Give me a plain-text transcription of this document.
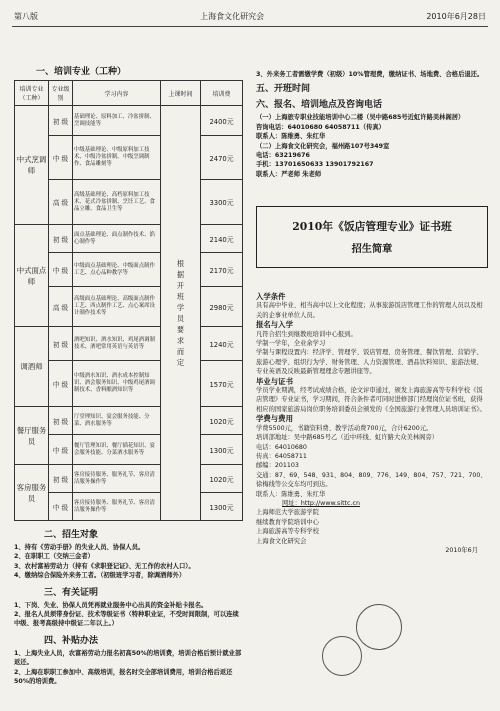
第八版	上海食文化研究会	2010年6月28日
一、培训专业（工种）
培训专业（工种）	专业级别	学习内容	上课时间	培训费
中式烹调师	初 级	基础理论、原料加工、冷盆拼制、烹调技能等	根据开班学员要求而定	2400元
	中 级	中级基础理论、中级原料加工技术、中级冷盆拼制、中级烹调制作、食品雕刻等		2470元
	高 级	高级基础理论、高档原料加工技术、花式冷盆拼制、烹饪工艺、食品立雕、食品卫生等		3300元
中式面点师	初 级	面点基础理论、面点制作技术、馅心制作等		2140元
	中 级	中级面点基础理论、中级面点制作工艺、点心品种教学等		2170元
	高 级	高级面点基础理论、高级面点制作工艺、西点制作工艺、点心案席设计制作技术等		2980元
调酒师	初 级	酒吧知识、酒水知识、鸡尾酒调制技术、酒吧常用英语与英语等		1240元
	中 级	中级酒水知识、酒水成本控制知识、酒会服务知识、中级鸡尾酒调制技术、香料酿酒知识等		1570元
餐厅服务员	初 级	厅堂理知识、宴会服务技能、分菜、酒水服务等		1020元
	中 级	餐厅管理知识、餐厅插花知识、宴会服务技能、分菜酒水服务等		1300元
客房服务员	初 级	客房接待服务、服务礼节、客房清洁服务操作等		1020元
	中 级	客房接待服务、服务礼节、客房清洁服务操作等		1300元
二、招生对象

1、持有《劳动手册》的失业人员、协保人员。

2、在职职工（交纳三金者）

3、农村富裕劳动力（持有《求职登记证》、无工作的农村人口）。

4、缴纳综合保险外来务工者。（初级班学习者，除调酒师外）

三、有关证明

1、下岗、失业、协保人员凭再就业服务中心出具的资金补贴卡报名。

2、报名人员须带身份证、技术等级证书（特种职业证，不受时间限制，可以连续中级、报考高级持中级证二年以上。）

四、补贴办法

1、上海失业人员，农富裕劳动力报名初高50%的培训费，培训合格后预计就业部返还。

2、上海在职职工参加中、高级培训，报名时交全部培训费用，培训合格后返还50%的培训费。

3、外来务工者需缴学费（初级）10%管理费，缴纳证书、场地费、合格后退还。

五、开班时间
六、报名、培训地点及咨询电话

（一）上海旅专职业技能培训中心二楼（吴中路685号近虹许路美林阁居）

咨询电话：64010680 64058711（传真）

联系人：陈维勇、朱红华

（二）上海食文化研究会，福州路107号349室

电话：63219676

手机：13701650633 13901792167

联系人：严老师 朱老师

2010年《饭店管理专业》证书班
招生简章
入学条件

具有高中毕业、相当高中以上文化程度；从事旅游饭店管理工作的管理人员以及相关的企事业单位人员。

报名与入学

凡符合招生到继教班培训中心报到。

学制一学年，全业余学习

学制与课程设置内：经济学、管理学、饭店管理、房务管理、餐饮管理、营销学、旅游心理学、组织行为学、财务管理、人力资源管理、酒品饮料知识、旅游法规、专业英语及反映最新管理理念专题讲座等。

毕业与证书

学员学业期满，经考试成绩合格，论文评审通过，颁发上海旅游高等专科学校《饭店管理》专业证书，学习期间，符合条件者可同时进修部门经理岗位证书班，获得相应的国家旅游局岗位职务培训委员会颁发的《全国旅游行业管理人员培训证书》。

学费与费用

学费5500元，书籍资料费、教学活动费700元，合计6200元。

培训部地址：吴中路685号乙（近中环线、虹许路大众美林阁旁）

电话：64010680

传真：64058711

邮编：201103

交通：87、69、548、931、804、809、776、149、804、757、721、700、徐梅线等公交车均可到达。

联系人：陈维勇、朱红华

网址：http://www.sittc.cn

上海师范大学旅游学院

继续教育学院培训中心

上海旅游高等专科学校

上海食文化研究会

2010年6月
